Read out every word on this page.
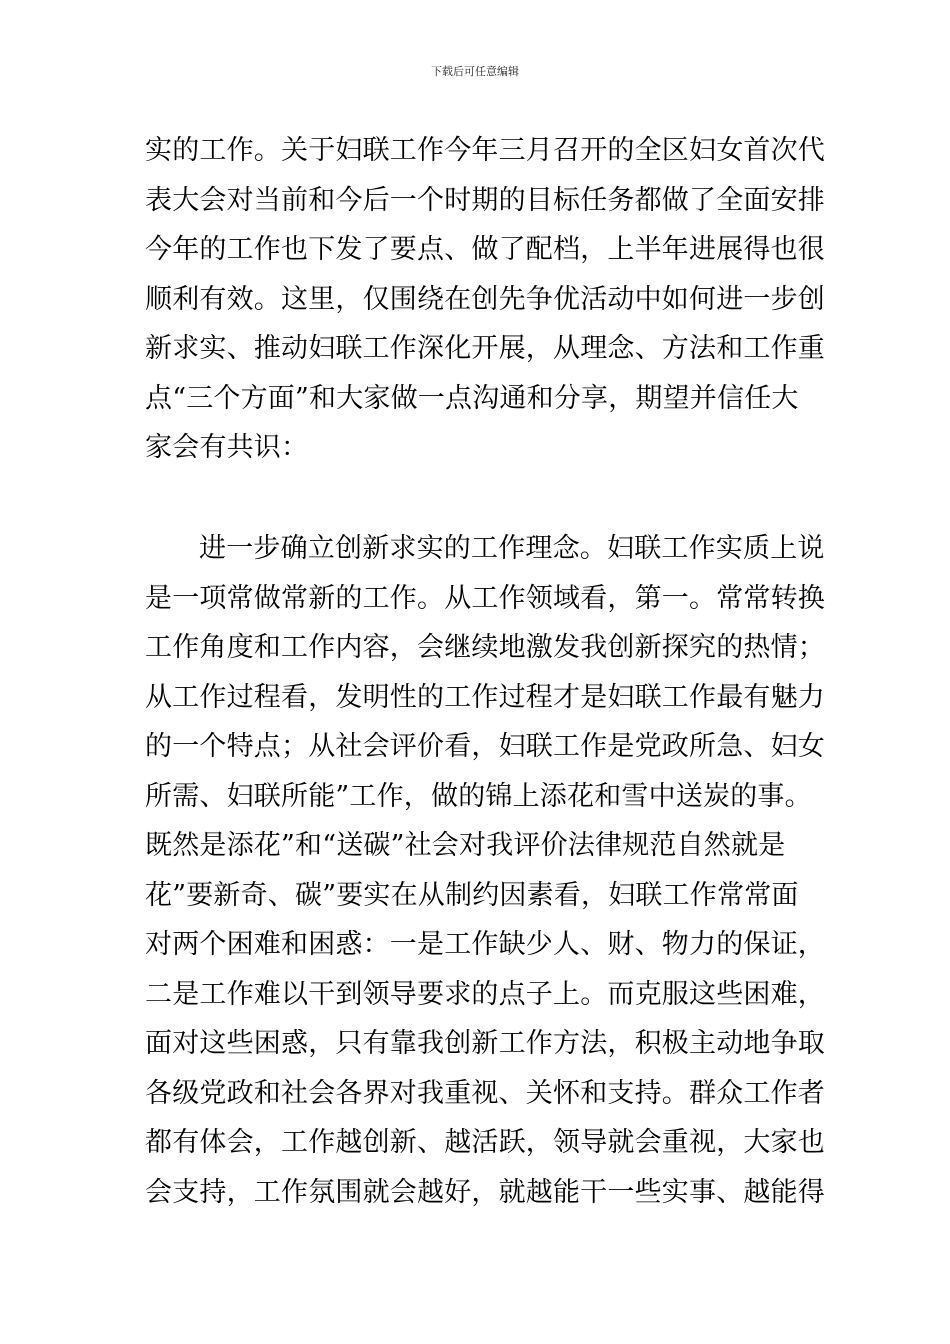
下载后可任意编辑
实的工作。关于妇联工作今年三月召开的全区妇女首次代
表大会对当前和今后一个时期的目标任务都做了全面安排
今年的工作也下发了要点、做了配档，上半年进展得也很
顺利有效。这里，仅围绕在创先争优活动中如何进一步创
新求实、推动妇联工作深化开展，从理念、方法和工作重
点“三个方面”和大家做一点沟通和分享，期望并信任大
家会有共识：
进一步确立创新求实的工作理念。妇联工作实质上说
是一项常做常新的工作。从工作领域看，第一。常常转换
工作角度和工作内容，会继续地激发我创新探究的热情；
从工作过程看，发明性的工作过程才是妇联工作最有魅力
的一个特点；从社会评价看，妇联工作是党政所急、妇女
所需、妇联所能”工作，做的锦上添花和雪中送炭的事。
既然是添花”和“送碳”社会对我评价法律规范自然就是
花”要新奇、碳”要实在从制约因素看，妇联工作常常面
对两个困难和困惑：一是工作缺少人、财、物力的保证，
二是工作难以干到领导要求的点子上。而克服这些困难，
面对这些困惑，只有靠我创新工作方法，积极主动地争取
各级党政和社会各界对我重视、关怀和支持。群众工作者
都有体会，工作越创新、越活跃，领导就会重视，大家也
会支持，工作氛围就会越好，就越能干一些实事、越能得
